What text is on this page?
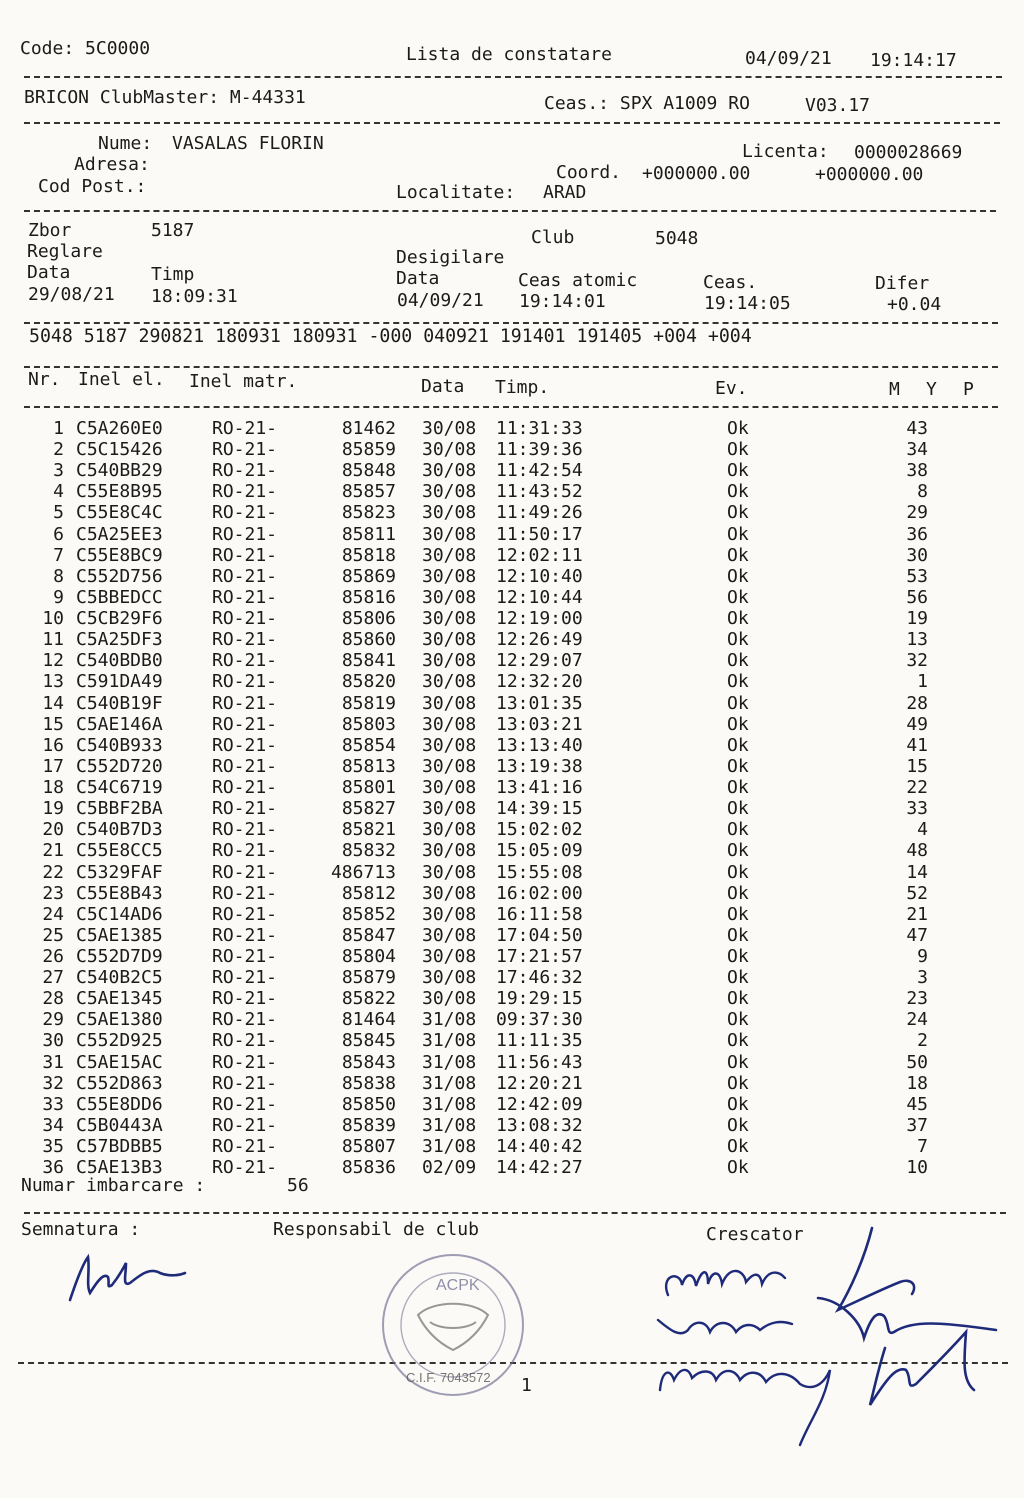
Code: 5C0000	Lista de constatare	04/09/21 19:14:17
BRICON ClubMaster: M-44331	Ceas.: SPX A1009 RO	V03.17
Nume: VASALAS FLORIN
Adresa:
Cod Post.:
Licenta: 0000028669
Coord. +000000.00	+000000.00
Localitate: ARAD
Zbor	5187	Club	5048
Reglare	Desigilare
Data	Timp	Data	Ceas atomic	Ceas.	Difer
29/08/21 18:09:31	04/09/21 19:14:01	19:14:05	+0.04
5048 5187 290821 180931 180931 -000 040921 191401 191405 +004 +004
Nr. Inel el. Inel matr.	Data Timp.	Ev.	M Y P
1 C5A260E0	RO-21-	81462 30/08	11:31:33	Ok	43
2 C5C15426	RO-21-	85859 30/08	11:39:36	Ok	34
3 C540BB29	RO-21-	85848 30/08	11:42:54	Ok	38
4 C55E8B95	RO-21-	85857 30/08	11:43:52	Ok	8
5 C55E8C4C	RO-21-	85823 30/08	11:49:26	Ok	29
6 C5A25EE3	RO-21-	85811 30/08	11:50:17	Ok	36
7 C55E8BC9	RO-21-	85818 30/08	12:02:11	Ok	30
8 C552D756	RO-21-	85869 30/08	12:10:40	Ok	53
9 C5BBEDCC	RO-21-	85816 30/08	12:10:44	Ok	56
10 C5CB29F6	RO-21-	85806 30/08	12:19:00	Ok	19
11 C5A25DF3	RO-21-	85860 30/08	12:26:49	Ok	13
12 C540BDB0	RO-21-	85841 30/08	12:29:07	Ok	32
13 C591DA49	RO-21-	85820 30/08	12:32:20	Ok	1
14 C540B19F	RO-21-	85819 30/08	13:01:35	Ok	28
15 C5AE146A	RO-21-	85803 30/08	13:03:21	Ok	49
16 C540B933	RO-21-	85854 30/08	13:13:40	Ok	41
17 C552D720	RO-21-	85813 30/08	13:19:38	Ok	15
18 C54C6719	RO-21-	85801 30/08	13:41:16	Ok	22
19 C5BBF2BA	RO-21-	85827 30/08	14:39:15	Ok	33
20 C540B7D3	RO-21-	85821 30/08	15:02:02	Ok	4
21 C55E8CC5	RO-21-	85832 30/08	15:05:09	Ok	48
22 C5329FAF	RO-21-	486713 30/08	15:55:08	Ok	14
23 C55E8B43	RO-21-	85812 30/08	16:02:00	Ok	52
24 C5C14AD6	RO-21-	85852 30/08	16:11:58	Ok	21
25 C5AE1385	RO-21-	85847 30/08	17:04:50	Ok	47
26 C552D7D9	RO-21-	85804 30/08	17:21:57	Ok	9
27 C540B2C5	RO-21-	85879 30/08	17:46:32	Ok	3
28 C5AE1345	RO-21-	85822 30/08	19:29:15	Ok	23
29 C5AE1380	RO-21-	81464 31/08	09:37:30	Ok	24
30 C552D925	RO-21-	85845 31/08	11:11:35	Ok	2
31 C5AE15AC	RO-21-	85843 31/08	11:56:43	Ok	50
32 C552D863	RO-21-	85838 31/08	12:20:21	Ok	18
33 C55E8DD6	RO-21-	85850 31/08	12:42:09	Ok	45
34 C5B0443A	RO-21-	85839 31/08	13:08:32	Ok	37
35 C57BDBB5	RO-21-	85807 31/08	14:40:42	Ok	7
36 C5AE13B3	RO-21-	85836 02/09	14:42:27	Ok	10
Numar imbarcare :	56
Semnatura :	Responsabil de club	Crescator
1
ACPK
C.I.F. 7043572
